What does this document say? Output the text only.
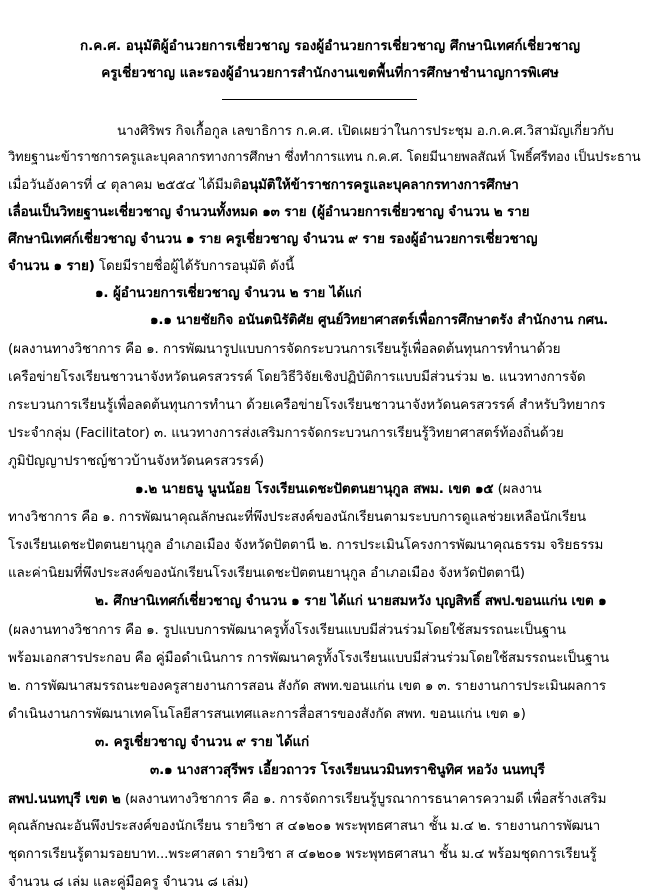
ก.ค.ศ. อนุมัติผู้อำนวยการเชี่ยวชาญ รองผู้อำนวยการเชี่ยวชาญ ศึกษานิเทศก์เชี่ยวชาญ
ครูเชี่ยวชาญ และรองผู้อำนวยการสำนักงานเขตพื้นที่การศึกษาชำนาญการพิเศษ
นางศิริพร กิจเกื้อกูล เลขาธิการ ก.ค.ศ. เปิดเผยว่าในการประชุม อ.ก.ค.ศ.วิสามัญเกี่ยวกับ
วิทยฐานะข้าราชการครูและบุคลากรทางการศึกษา ซึ่งทำการแทน ก.ค.ศ. โดยมีนายพลสัณห์ โพธิ์ศรีทอง เป็นประธาน
เมื่อวันอังคารที่ ๔ ตุลาคม ๒๕๕๔ ได้มีมติอนุมัติให้ข้าราชการครูและบุคลากรทางการศึกษา
เลื่อนเป็นวิทยฐานะเชี่ยวชาญ จำนวนทั้งหมด ๑๓ ราย (ผู้อำนวยการเชี่ยวชาญ จำนวน ๒ ราย
ศึกษานิเทศก์เชี่ยวชาญ จำนวน ๑ ราย ครูเชี่ยวชาญ จำนวน ๙ ราย รองผู้อำนวยการเชี่ยวชาญ
จำนวน ๑ ราย) โดยมีรายชื่อผู้ได้รับการอนุมัติ ดังนี้
๑. ผู้อำนวยการเชี่ยวชาญ จำนวน ๒ ราย ได้แก่
๑.๑ นายชัยกิจ อนันตนิรัติศัย ศูนย์วิทยาศาสตร์เพื่อการศึกษาตรัง สำนักงาน กศน.
(ผลงานทางวิชาการ คือ ๑. การพัฒนารูปแบบการจัดกระบวนการเรียนรู้เพื่อลดต้นทุนการทำนาด้วย
เครือข่ายโรงเรียนชาวนาจังหวัดนครสวรรค์ โดยวิธีวิจัยเชิงปฏิบัติการแบบมีส่วนร่วม ๒. แนวทางการจัด
กระบวนการเรียนรู้เพื่อลดต้นทุนการทำนา ด้วยเครือข่ายโรงเรียนชาวนาจังหวัดนครสวรรค์ สำหรับวิทยากร
ประจำกลุ่ม (Facilitator) ๓. แนวทางการส่งเสริมการจัดกระบวนการเรียนรู้วิทยาศาสตร์ท้องถิ่นด้วย
ภูมิปัญญาปราชญ์ชาวบ้านจังหวัดนครสวรรค์)
๑.๒ นายธนู นูนน้อย โรงเรียนเดชะปัตตนยานุกูล สพม. เขต ๑๕ (ผลงาน
ทางวิชาการ คือ ๑. การพัฒนาคุณลักษณะที่พึงประสงค์ของนักเรียนตามระบบการดูแลช่วยเหลือนักเรียน
โรงเรียนเดชะปัตตนยานุกูล อำเภอเมือง จังหวัดปัตตานี ๒. การประเมินโครงการพัฒนาคุณธรรม จริยธรรม
และค่านิยมที่พึงประสงค์ของนักเรียนโรงเรียนเดชะปัตตนยานุกูล อำเภอเมือง จังหวัดปัตตานี)
๒. ศึกษานิเทศก์เชี่ยวชาญ จำนวน ๑ ราย ได้แก่ นายสมหวัง บุญสิทธิ์ สพป.ขอนแก่น เขต ๑
(ผลงานทางวิชาการ คือ ๑. รูปแบบการพัฒนาครูทั้งโรงเรียนแบบมีส่วนร่วมโดยใช้สมรรถนะเป็นฐาน
พร้อมเอกสารประกอบ คือ คู่มือดำเนินการ การพัฒนาครูทั้งโรงเรียนแบบมีส่วนร่วมโดยใช้สมรรถนะเป็นฐาน
๒. การพัฒนาสมรรถนะของครูสายงานการสอน สังกัด สพท.ขอนแก่น เขต ๑ ๓. รายงานการประเมินผลการ
ดำเนินงานการพัฒนาเทคโนโลยีสารสนเทศและการสื่อสารของสังกัด สพท. ขอนแก่น เขต ๑)
๓. ครูเชี่ยวชาญ จำนวน ๙ ราย ได้แก่
๓.๑ นางสาวสุรีพร เอี้ยวถาวร โรงเรียนนวมินทราชินูทิศ หอวัง นนทบุรี
สพป.นนทบุรี เขต ๒ (ผลงานทางวิชาการ คือ ๑. การจัดการเรียนรู้บูรณาการธนาคารความดี เพื่อสร้างเสริม
คุณลักษณะอันพึงประสงค์ของนักเรียน รายวิชา ส ๔๑๒๐๑ พระพุทธศาสนา ชั้น ม.๔ ๒. รายงานการพัฒนา
ชุดการเรียนรู้ตามรอยบาท...พระศาสดา รายวิชา ส ๔๑๒๐๑ พระพุทธศาสนา ชั้น ม.๔ พร้อมชุดการเรียนรู้
จำนวน ๘ เล่ม และคู่มือครู จำนวน ๘ เล่ม)
